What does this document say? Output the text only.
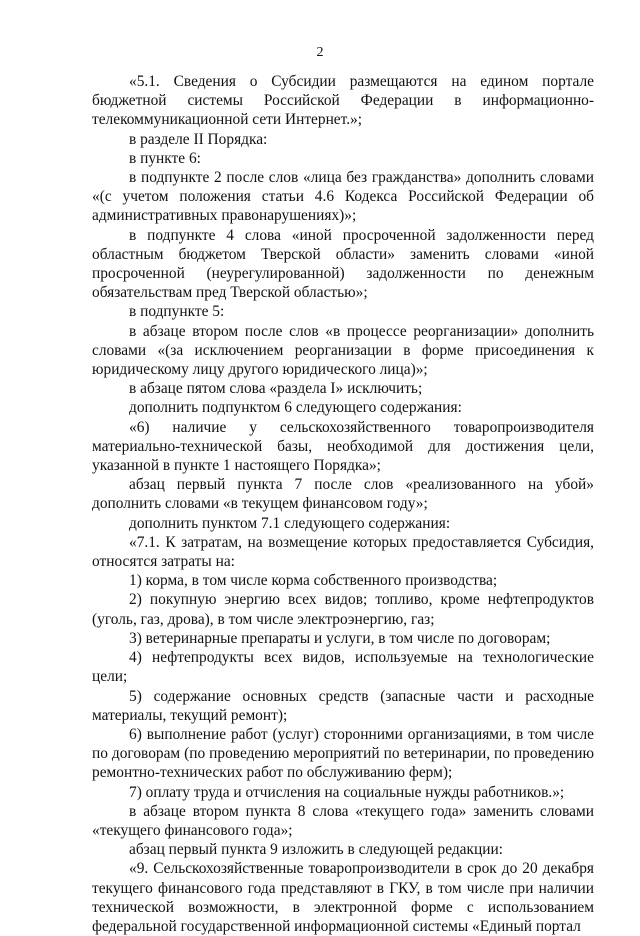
2

«5.1. Сведения о Субсидии размещаются на едином портале бюджетной системы Российской Федерации в информационно-телекоммуникационной сети Интернет.»;

в разделе II Порядка:

в пункте 6:

в подпункте 2 после слов «лица без гражданства» дополнить словами «(с учетом положения статьи 4.6 Кодекса Российской Федерации об административных правонарушениях)»;

в подпункте 4 слова «иной просроченной задолженности перед областным бюджетом Тверской области» заменить словами «иной просроченной (неурегулированной) задолженности по денежным обязательствам пред Тверской областью»;

в подпункте 5:

в абзаце втором после слов «в процессе реорганизации» дополнить словами «(за исключением реорганизации в форме присоединения к юридическому лицу другого юридического лица)»;

в абзаце пятом слова «раздела I» исключить;

дополнить подпунктом 6 следующего содержания:

«6) наличие у сельскохозяйственного товаропроизводителя материально-технической базы, необходимой для достижения цели, указанной в пункте 1 настоящего Порядка»;

абзац первый пункта 7 после слов «реализованного на убой» дополнить словами «в текущем финансовом году»;

дополнить пунктом 7.1 следующего содержания:

«7.1. К затратам, на возмещение которых предоставляется Субсидия, относятся затраты на:

1) корма, в том числе корма собственного производства;

2) покупную энергию всех видов; топливо, кроме нефтепродуктов (уголь, газ, дрова), в том числе электроэнергию, газ;

3) ветеринарные препараты и услуги, в том числе по договорам;

4) нефтепродукты всех видов, используемые на технологические цели;

5) содержание основных средств (запасные части и расходные материалы, текущий ремонт);

6) выполнение работ (услуг) сторонними организациями, в том числе по договорам (по проведению мероприятий по ветеринарии, по проведению ремонтно-технических работ по обслуживанию ферм);

7) оплату труда и отчисления на социальные нужды работников.»;

в абзаце втором пункта 8 слова «текущего года» заменить словами «текущего финансового года»;

абзац первый пункта 9 изложить в следующей редакции:

«9. Сельскохозяйственные товаропроизводители в срок до 20 декабря текущего финансового года представляют в ГКУ, в том числе при наличии технической возможности, в электронной форме с использованием федеральной государственной информационной системы «Единый портал
